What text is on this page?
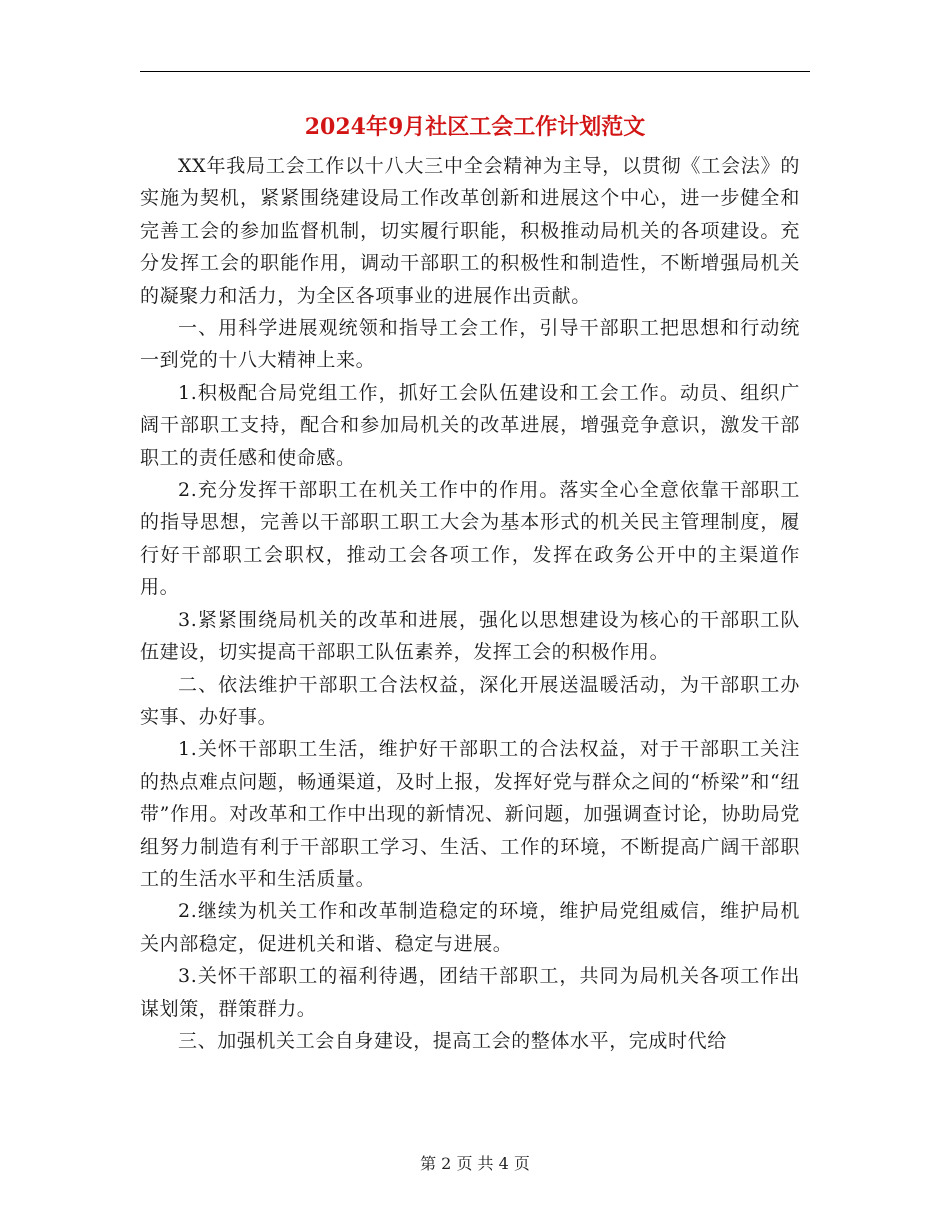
2024年9月社区工会工作计划范文

XX年我局工会工作以十八大三中全会精神为主导，以贯彻《工会法》的实施为契机，紧紧围绕建设局工作改革创新和进展这个中心，进一步健全和完善工会的参加监督机制，切实履行职能，积极推动局机关的各项建设。充分发挥工会的职能作用，调动干部职工的积极性和制造性，不断增强局机关的凝聚力和活力，为全区各项事业的进展作出贡献。

一、用科学进展观统领和指导工会工作，引导干部职工把思想和行动统一到党的十八大精神上来。

1.积极配合局党组工作，抓好工会队伍建设和工会工作。动员、组织广阔干部职工支持，配合和参加局机关的改革进展，增强竞争意识，激发干部职工的责任感和使命感。

2.充分发挥干部职工在机关工作中的作用。落实全心全意依靠干部职工的指导思想，完善以干部职工职工大会为基本形式的机关民主管理制度，履行好干部职工会职权，推动工会各项工作，发挥在政务公开中的主渠道作用。

3.紧紧围绕局机关的改革和进展，强化以思想建设为核心的干部职工队伍建设，切实提高干部职工队伍素养，发挥工会的积极作用。

二、依法维护干部职工合法权益，深化开展送温暖活动，为干部职工办实事、办好事。

1.关怀干部职工生活，维护好干部职工的合法权益，对于干部职工关注的热点难点问题，畅通渠道，及时上报，发挥好党与群众之间的“桥梁”和“纽带”作用。对改革和工作中出现的新情况、新问题，加强调查讨论，协助局党组努力制造有利于干部职工学习、生活、工作的环境，不断提高广阔干部职工的生活水平和生活质量。

2.继续为机关工作和改革制造稳定的环境，维护局党组威信，维护局机关内部稳定，促进机关和谐、稳定与进展。

3.关怀干部职工的福利待遇，团结干部职工，共同为局机关各项工作出谋划策，群策群力。

三、加强机关工会自身建设，提高工会的整体水平，完成时代给

第 2 页 共 4 页
